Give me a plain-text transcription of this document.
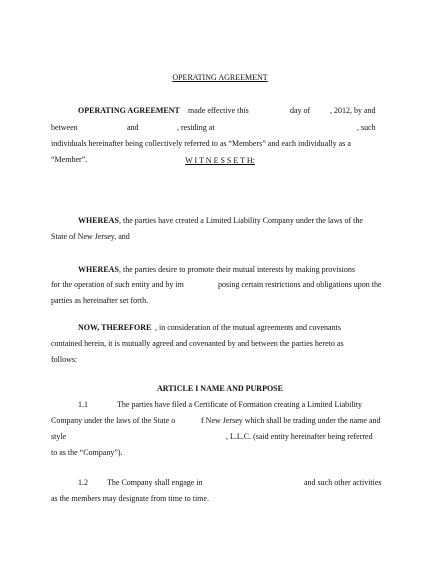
OPERATING AGREEMENT
OPERATING AGREEMENT made effective this	day of , 2012, by and
between	and	, residing at	, such
individuals hereinafter being collectively referred to as “Members” and each individually as a
“Member”.	W I T N E S S E T H:
WHEREAS , the parties have created a Limited Liability Company under the laws of the
State of New Jersey, and
WHEREAS , the parties desire to promote their mutual interests by making provisions
for the operation of such entity and by im	posing certain restrictions and obligations upon the
parties as hereinafter set forth.
NOW, THEREFORE , in consideration of the mutual agreements and covenants
contained herein, it is mutually agreed and covenanted by and between the parties hereto as
follows:
ARTICLE I NAME AND PURPOSE
1.1	The parties have filed a Certificate of Formation creating a Limited Liability
Company under the laws of the State o	f New Jersey which shall be trading under the name and
style	, L.L.C. (said entity hereinafter being referred
to as the “Company”).
1.2 The Company shall engage in	and such other activities
as the members may designate from time to time.
